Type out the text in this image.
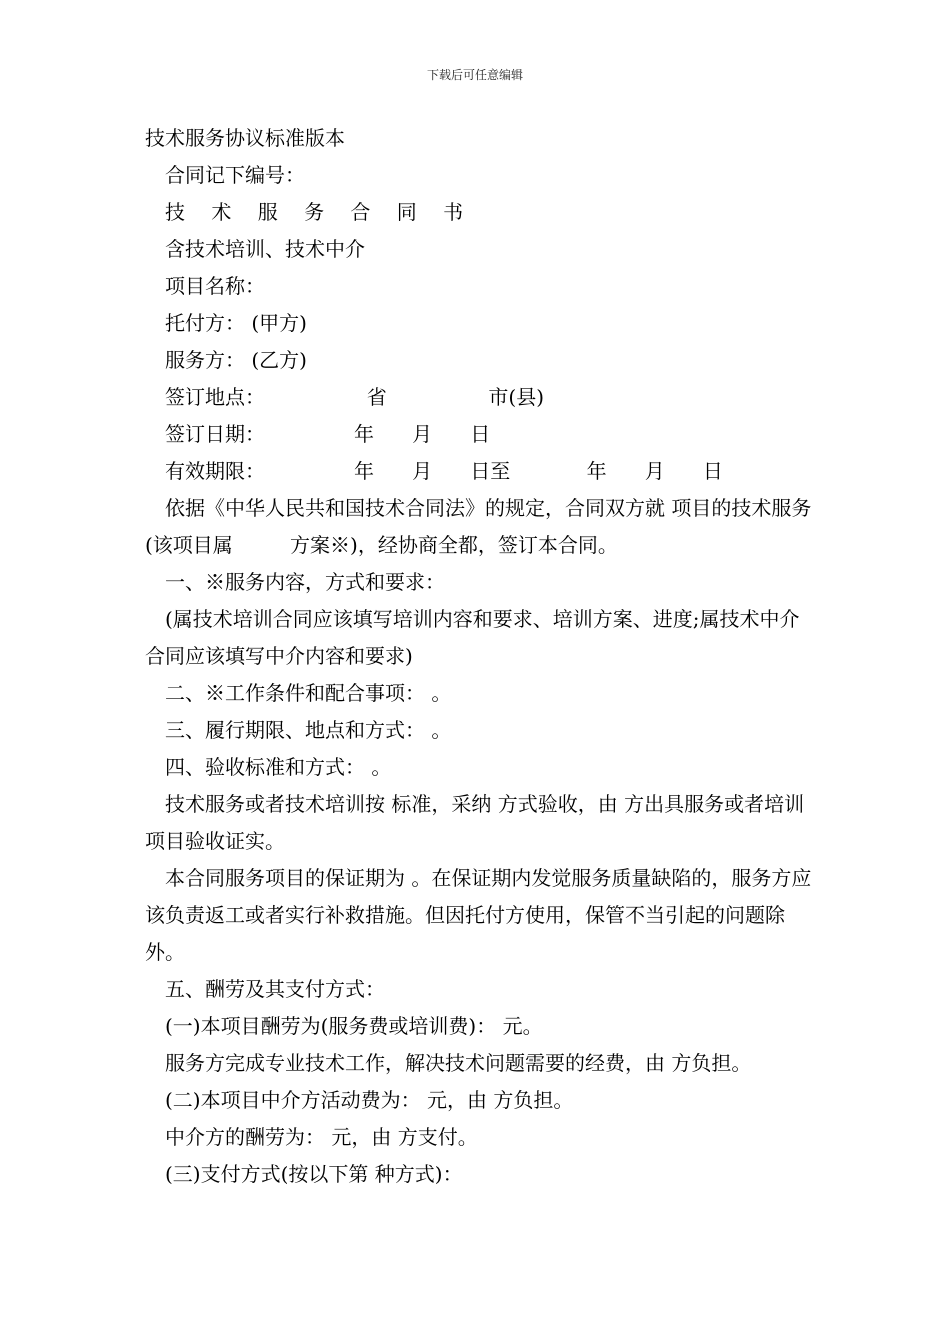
下载后可任意编辑
技术服务协议标准版本
合同记下编号：
技 术 服 务 合 同 书
含技术培训、技术中介
项目名称：
托付方： (甲方)
服务方： (乙方)
签订地点：                省                市(县)
签订日期：              年      月      日
有效期限：              年      月      日至            年      月      日
依据《中华人民共和国技术合同法》的规定，合同双方就 项目的技术服务(该项目属         方案※)，经协商全都，签订本合同。
一、※服务内容，方式和要求：
(属技术培训合同应该填写培训内容和要求、培训方案、进度;属技术中介合同应该填写中介内容和要求)
二、※工作条件和配合事项： 。
三、履行期限、地点和方式： 。
四、验收标准和方式： 。
技术服务或者技术培训按 标准，采纳 方式验收，由 方出具服务或者培训项目验收证实。
本合同服务项目的保证期为 。在保证期内发觉服务质量缺陷的，服务方应该负责返工或者实行补救措施。但因托付方使用，保管不当引起的问题除外。
五、酬劳及其支付方式：
(一)本项目酬劳为(服务费或培训费)： 元。
服务方完成专业技术工作，解决技术问题需要的经费，由 方负担。
(二)本项目中介方活动费为： 元，由 方负担。
中介方的酬劳为： 元，由 方支付。
(三)支付方式(按以下第 种方式)：
